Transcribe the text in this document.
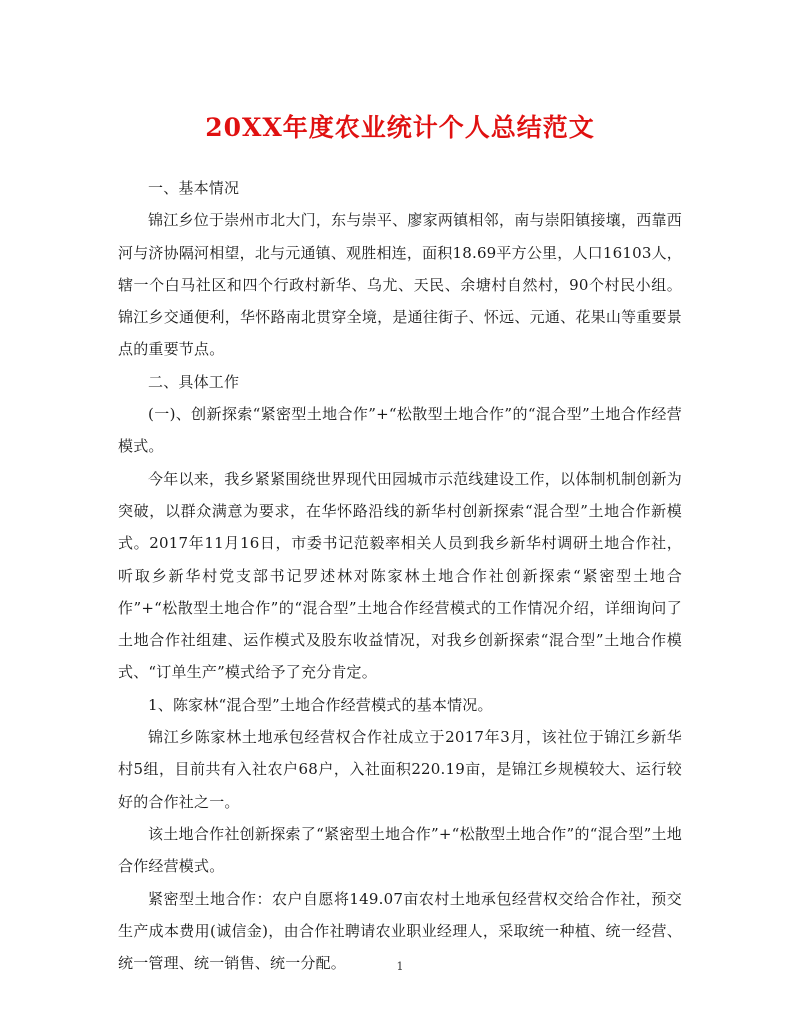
20XX年度农业统计个人总结范文

一、基本情况

锦江乡位于崇州市北大门，东与崇平、廖家两镇相邻，南与崇阳镇接壤，西靠西河与济协隔河相望，北与元通镇、观胜相连，面积18.69平方公里，人口16103人，辖一个白马社区和四个行政村新华、乌尤、天民、余塘村自然村，90个村民小组。锦江乡交通便利，华怀路南北贯穿全境，是通往街子、怀远、元通、花果山等重要景点的重要节点。

二、具体工作

(一)、创新探索“紧密型土地合作”+“松散型土地合作”的“混合型”土地合作经营模式。

今年以来，我乡紧紧围绕世界现代田园城市示范线建设工作，以体制机制创新为突破，以群众满意为要求，在华怀路沿线的新华村创新探索“混合型”土地合作新模式。2017年11月16日，市委书记范毅率相关人员到我乡新华村调研土地合作社，听取乡新华村党支部书记罗述林对陈家林土地合作社创新探索“紧密型土地合作”+“松散型土地合作”的“混合型”土地合作经营模式的工作情况介绍，详细询问了土地合作社组建、运作模式及股东收益情况，对我乡创新探索“混合型”土地合作模式、“订单生产”模式给予了充分肯定。

1、陈家林“混合型”土地合作经营模式的基本情况。

锦江乡陈家林土地承包经营权合作社成立于2017年3月，该社位于锦江乡新华村5组，目前共有入社农户68户，入社面积220.19亩，是锦江乡规模较大、运行较好的合作社之一。

该土地合作社创新探索了“紧密型土地合作”+“松散型土地合作”的“混合型”土地合作经营模式。

紧密型土地合作：农户自愿将149.07亩农村土地承包经营权交给合作社，预交生产成本费用(诚信金)，由合作社聘请农业职业经理人，采取统一种植、统一经营、统一管理、统一销售、统一分配。	1
